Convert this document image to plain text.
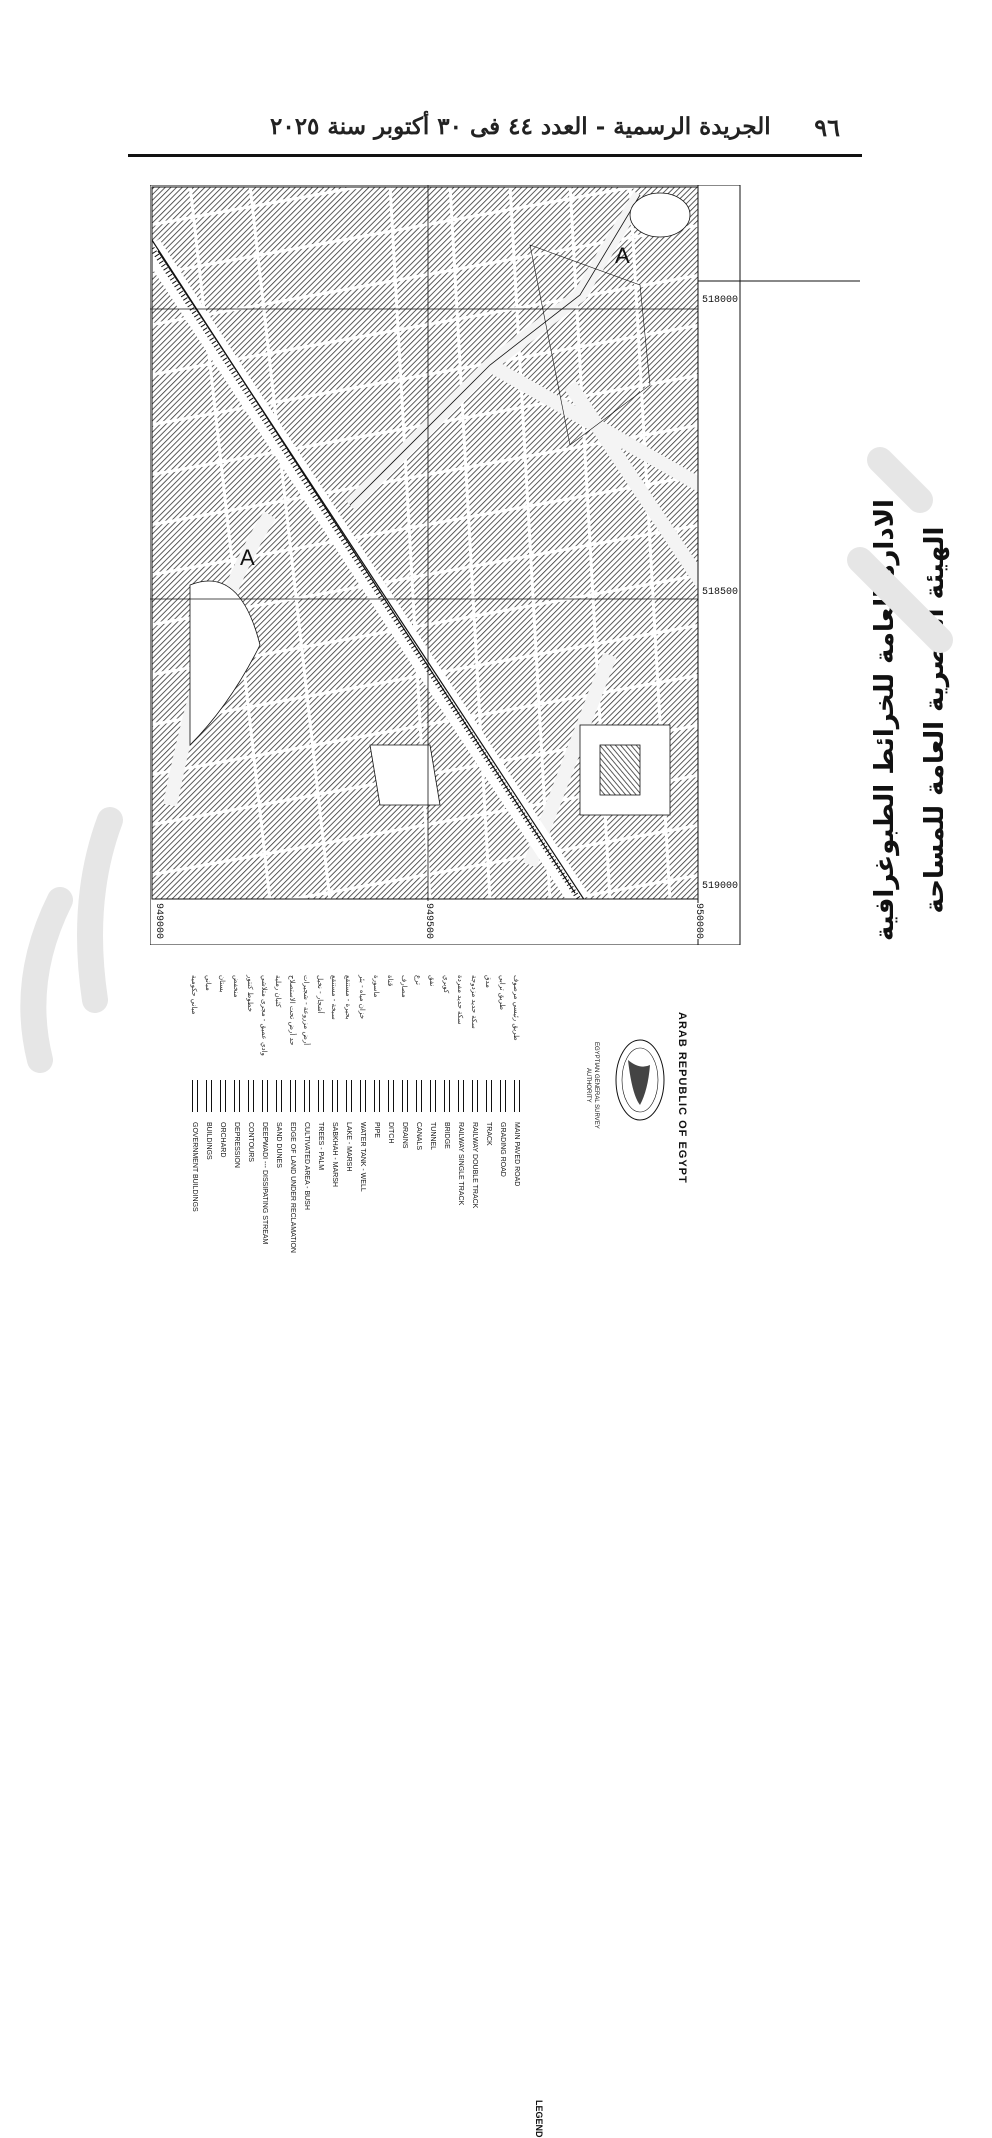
٩٦
الجريدة الرسمية - العدد ٤٤ فى ٣٠ أكتوبر سنة ٢٠٢٥
A
A
518000
518500
519000
949000	949500	950000
الهيئة المصرية العامة للمساحة
الادارة العامة للخرائط الطبوغرافية
LEGEND
MAIN PAVED ROAD
طريق رئيسي مرصوف
GRADING ROAD
طريق ترابي
TRACK
مدق
RAILWAY DOUBLE TRACK
سكة حديد مزدوجة
RAILWAY SINGLE TRACK
سكة حديد مفردة
BRIDGE
كوبري
TUNNEL
نفق
CANALS
ترع
DRAINS
مصارف
DITCH
قناة
PIPE
ماسورة
WATER TANK - WELL
خزان مياه - بئر
LAKE - MARSH
بحيرة - مستنقع
SABKHAH - MARSH
سبخة - مستنقع
TREES - PALM
أشجار - نخيل
CULTIVATED AREA - BUSH
أرض مزروعة - شجيرات
EDGE OF LAND UNDER RECLAMATION
حد أرض تحت الاستصلاح
SAND DUNES
كثبان رملية
DEEPWADI --- DISSIPATING STREAM
وادي عميق - مجرى متلاشي
CONTOURS
خطوط كنتور
DEPRESSION
منخفض
ORCHARD
بستان
BUILDINGS
مباني
GOVERNMENT BUILDINGS
مباني حكومية
ARAB REPUBLIC OF EGYPT
EGYPTIAN GENERAL SURVEY
AUTHORITY
